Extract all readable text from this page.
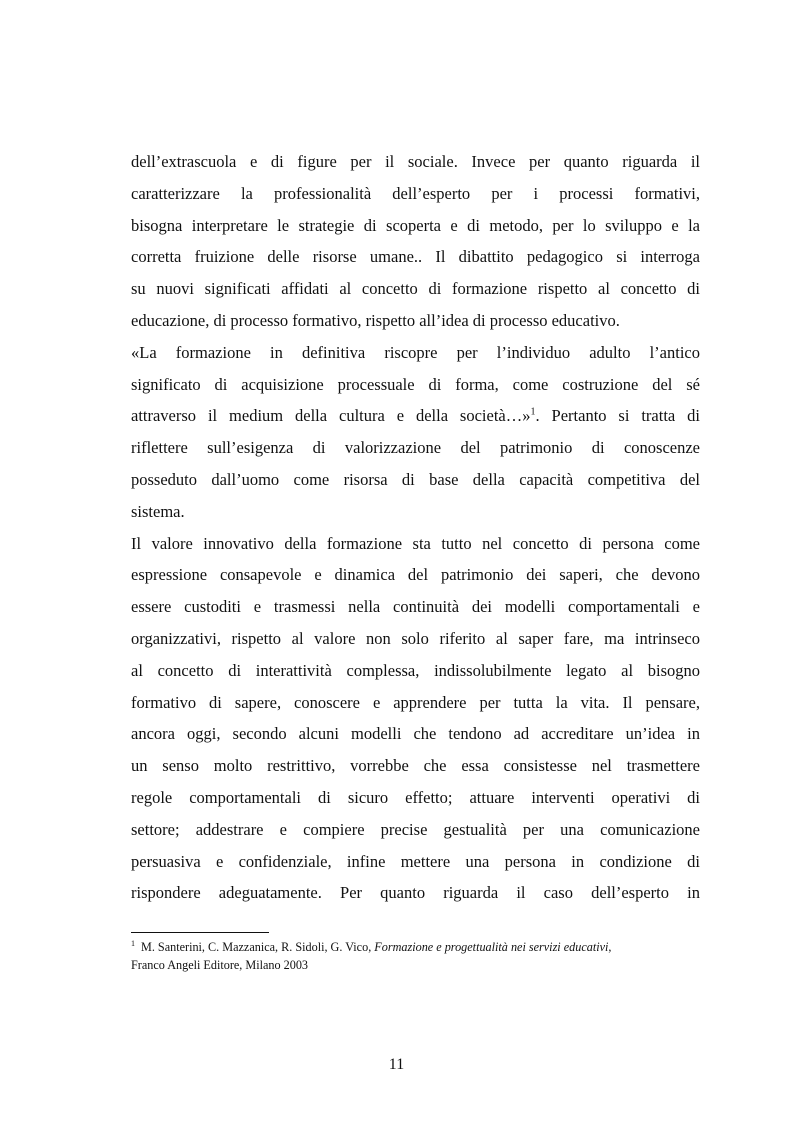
dell’extrascuola e di figure per il sociale. Invece per quanto riguarda il
caratterizzare la professionalità dell’esperto per i processi formativi,
bisogna interpretare le strategie di scoperta e di metodo, per lo sviluppo e la
corretta fruizione delle risorse umane.. Il dibattito pedagogico si interroga
su nuovi significati affidati al concetto di formazione rispetto al concetto di
educazione, di processo formativo, rispetto all’idea di processo educativo.
«La formazione in definitiva riscopre per l’individuo adulto l’antico
significato di acquisizione processuale di forma, come costruzione del sé
attraverso il medium della cultura e della società…»$^1$. Pertanto si tratta di
riflettere sull’esigenza di valorizzazione del patrimonio di conoscenze
posseduto dall’uomo come risorsa di base della capacità competitiva del
sistema.
Il valore innovativo della formazione sta tutto nel concetto di persona come
espressione consapevole e dinamica del patrimonio dei saperi, che devono
essere custoditi e trasmessi nella continuità dei modelli comportamentali e
organizzativi, rispetto al valore non solo riferito al saper fare, ma intrinseco
al concetto di interattività complessa, indissolubilmente legato al bisogno
formativo di sapere, conoscere e apprendere per tutta la vita. Il pensare,
ancora oggi, secondo alcuni modelli che tendono ad accreditare un’idea in
un senso molto restrittivo, vorrebbe che essa consistesse nel trasmettere
regole comportamentali di sicuro effetto; attuare interventi operativi di
settore; addestrare e compiere precise gestualità per una comunicazione
persuasiva e confidenziale, infine mettere una persona in condizione di
rispondere adeguatamente. Per quanto riguarda il caso dell’esperto in
$^1$ M. Santerini, C. Mazzanica, R. Sidoli, G. Vico, Formazione e progettualità nei servizi educativi,
Franco Angeli Editore, Milano 2003
11
